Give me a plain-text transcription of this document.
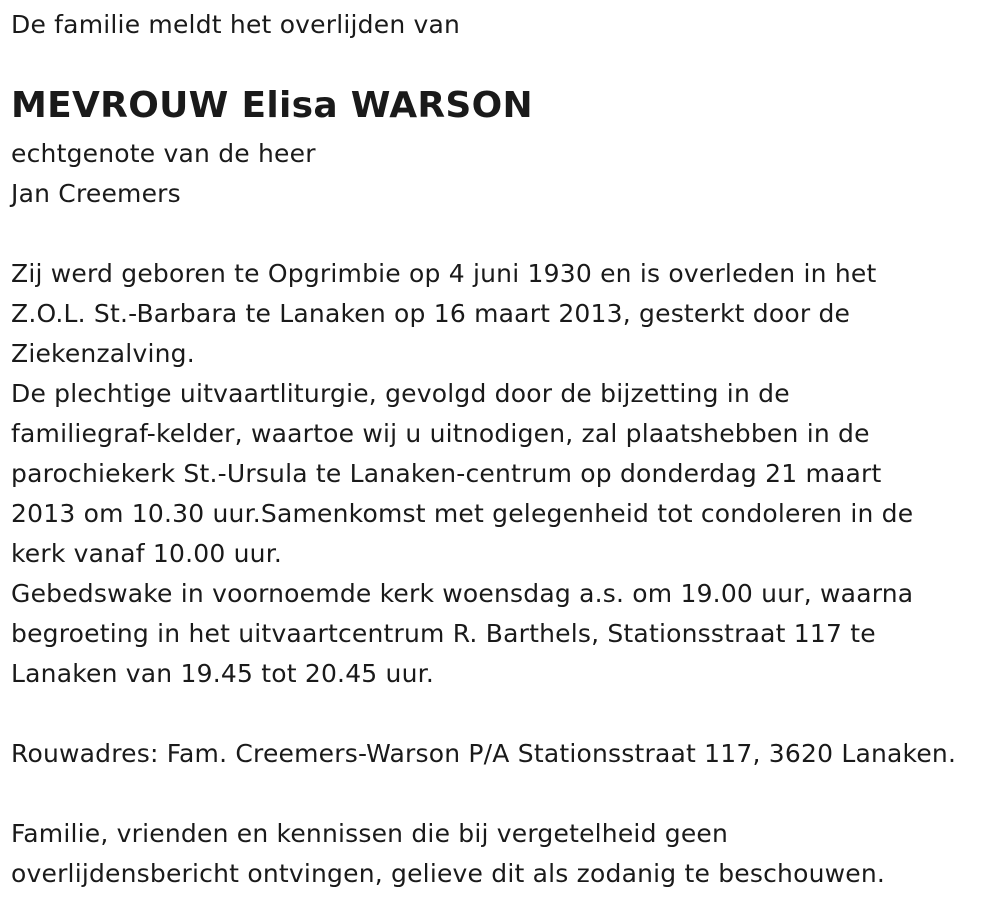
De familie meldt het overlijden van
MEVROUW Elisa WARSON
echtgenote van de heer
Jan Creemers
Zij werd geboren te Opgrimbie op 4 juni 1930 en is overleden in het
Z.O.L. St.-Barbara te Lanaken op 16 maart 2013, gesterkt door de
Ziekenzalving.
De plechtige uitvaartliturgie, gevolgd door de bijzetting in de
familiegraf-kelder, waartoe wij u uitnodigen, zal plaatshebben in de
parochiekerk St.-Ursula te Lanaken-centrum op donderdag 21 maart
2013 om 10.30 uur.Samenkomst met gelegenheid tot condoleren in de
kerk vanaf 10.00 uur.
Gebedswake in voornoemde kerk woensdag a.s. om 19.00 uur, waarna
begroeting in het uitvaartcentrum R. Barthels, Stationsstraat 117 te
Lanaken van 19.45 tot 20.45 uur.
Rouwadres: Fam. Creemers-Warson P/A Stationsstraat 117, 3620 Lanaken.
Familie, vrienden en kennissen die bij vergetelheid geen
overlijdensbericht ontvingen, gelieve dit als zodanig te beschouwen.
